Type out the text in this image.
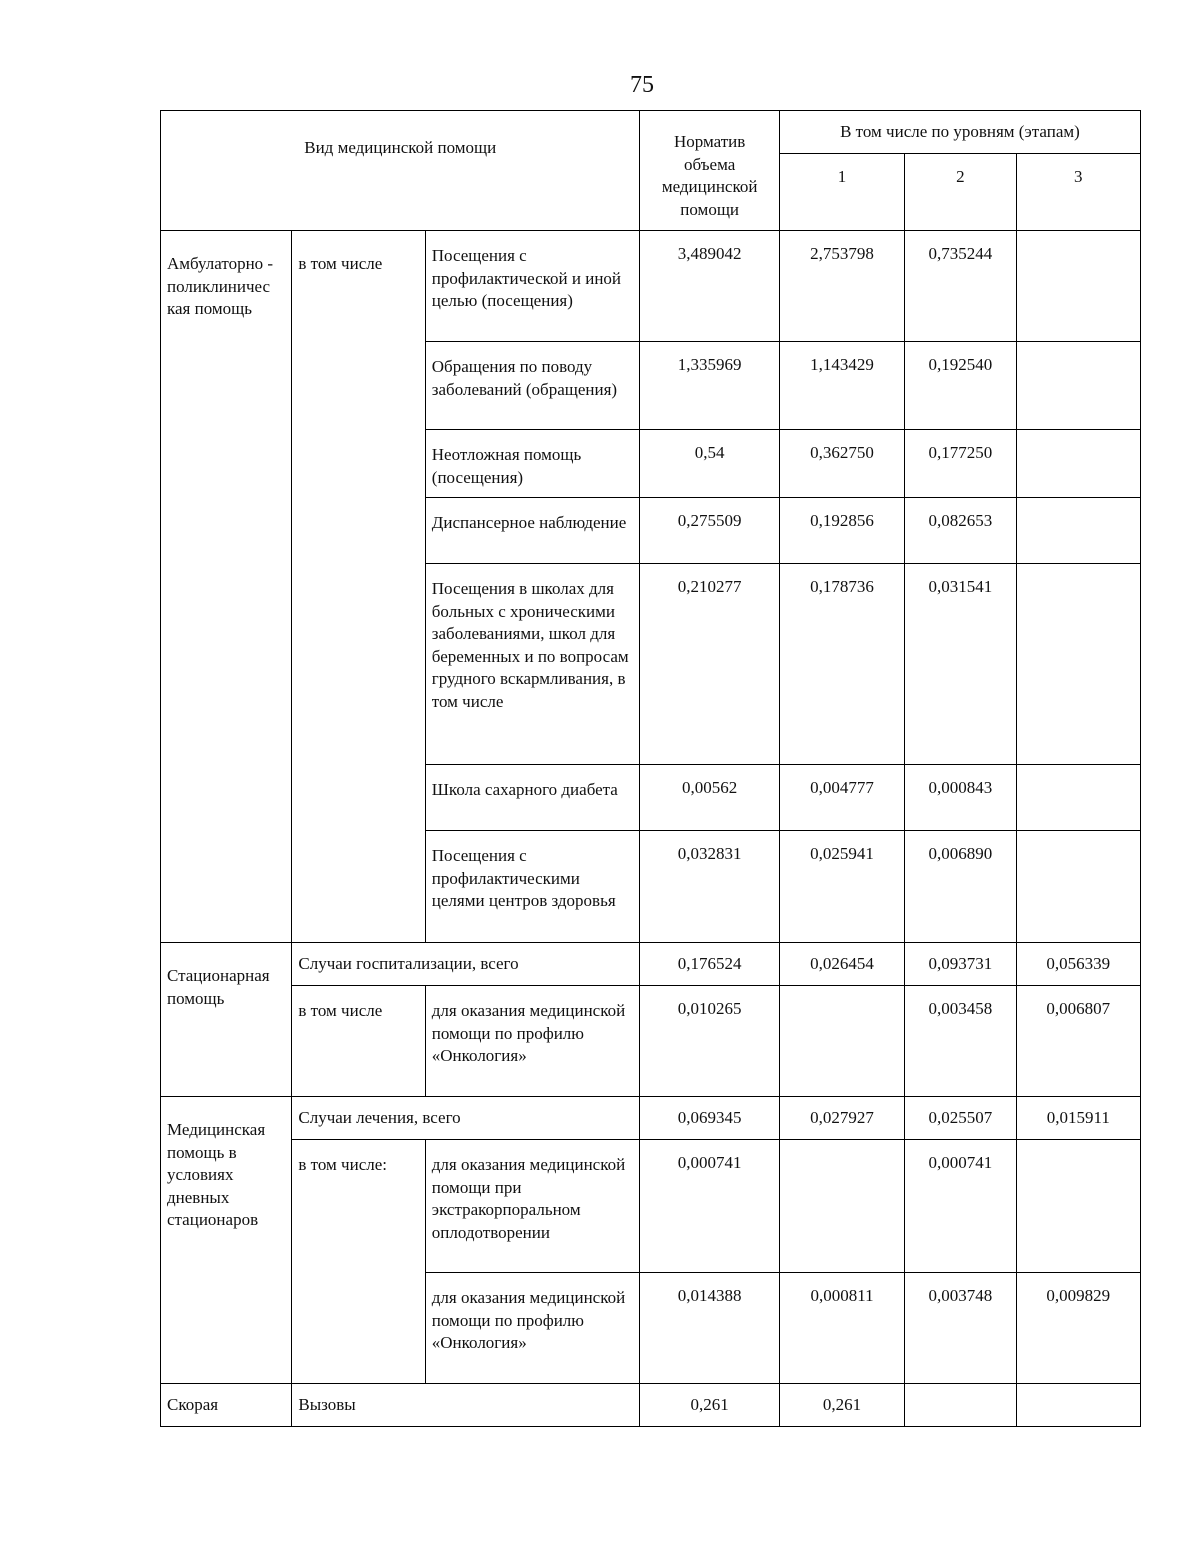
75
Вид медицинской помощи			Норматив объема медицинской помощи	В том числе по уровням (этапам)		
				1	2	3
Амбулаторно - поликлиничес кая помощь	в том числе	Посещения с профилактической и иной целью (посещения)	3,489042	2,753798	0,735244	
		Обращения по поводу заболеваний (обращения)	1,335969	1,143429	0,192540	
		Неотложная помощь (посещения)	0,54	0,362750	0,177250	
		Диспансерное наблюдение	0,275509	0,192856	0,082653	
		Посещения в школах для больных с хроническими заболеваниями, школ для беременных и по вопросам грудного вскармливания, в том числе	0,210277	0,178736	0,031541	
		Школа сахарного диабета	0,00562	0,004777	0,000843	
		Посещения с профилактическими целями центров здоровья	0,032831	0,025941	0,006890	
Стационарная помощь	Случаи госпитализации, всего		0,176524	0,026454	0,093731	0,056339
	в том числе	для оказания медицинской помощи по профилю «Онкология»	0,010265		0,003458	0,006807
Медицинская помощь в условиях дневных стационаров	Случаи лечения, всего		0,069345	0,027927	0,025507	0,015911
	в том числе:	для оказания медицинской помощи при экстракорпоральном оплодотворении	0,000741		0,000741	
		для оказания медицинской помощи по профилю «Онкология»	0,014388	0,000811	0,003748	0,009829
Скорая	Вызовы		0,261	0,261		
